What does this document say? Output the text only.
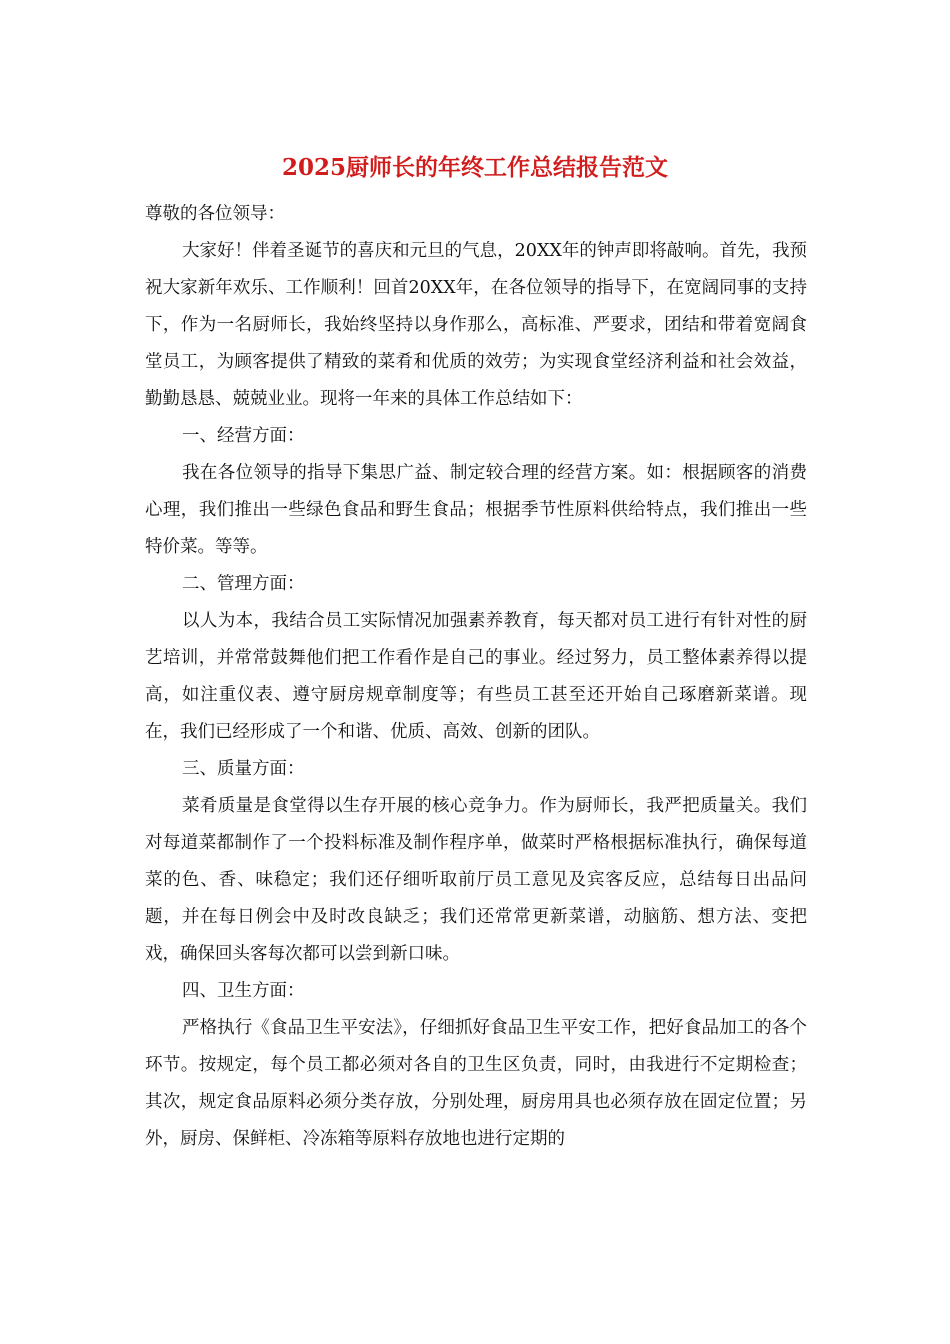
2025厨师长的年终工作总结报告范文

尊敬的各位领导：

大家好！伴着圣诞节的喜庆和元旦的气息，20XX年的钟声即将敲响。首先，我预祝大家新年欢乐、工作顺利！回首20XX年，在各位领导的指导下，在宽阔同事的支持下，作为一名厨师长，我始终坚持以身作那么，高标准、严要求，团结和带着宽阔食堂员工，为顾客提供了精致的菜肴和优质的效劳；为实现食堂经济利益和社会效益，勤勤恳恳、兢兢业业。现将一年来的具体工作总结如下：

一、经营方面：

我在各位领导的指导下集思广益、制定较合理的经营方案。如：根据顾客的消费心理，我们推出一些绿色食品和野生食品；根据季节性原料供给特点，我们推出一些特价菜。等等。

二、管理方面：

以人为本，我结合员工实际情况加强素养教育，每天都对员工进行有针对性的厨艺培训，并常常鼓舞他们把工作看作是自己的事业。经过努力，员工整体素养得以提高，如注重仪表、遵守厨房规章制度等；有些员工甚至还开始自己琢磨新菜谱。现在，我们已经形成了一个和谐、优质、高效、创新的团队。

三、质量方面：

菜肴质量是食堂得以生存开展的核心竞争力。作为厨师长，我严把质量关。我们对每道菜都制作了一个投料标准及制作程序单，做菜时严格根据标准执行，确保每道菜的色、香、味稳定；我们还仔细听取前厅员工意见及宾客反应，总结每日出品问题，并在每日例会中及时改良缺乏；我们还常常更新菜谱，动脑筋、想方法、变把戏，确保回头客每次都可以尝到新口味。

四、卫生方面：

严格执行《食品卫生平安法》，仔细抓好食品卫生平安工作，把好食品加工的各个环节。按规定，每个员工都必须对各自的卫生区负责，同时，由我进行不定期检查；其次，规定食品原料必须分类存放，分别处理，厨房用具也必须存放在固定位置；另外，厨房、保鲜柜、冷冻箱等原料存放地也进行定期的
